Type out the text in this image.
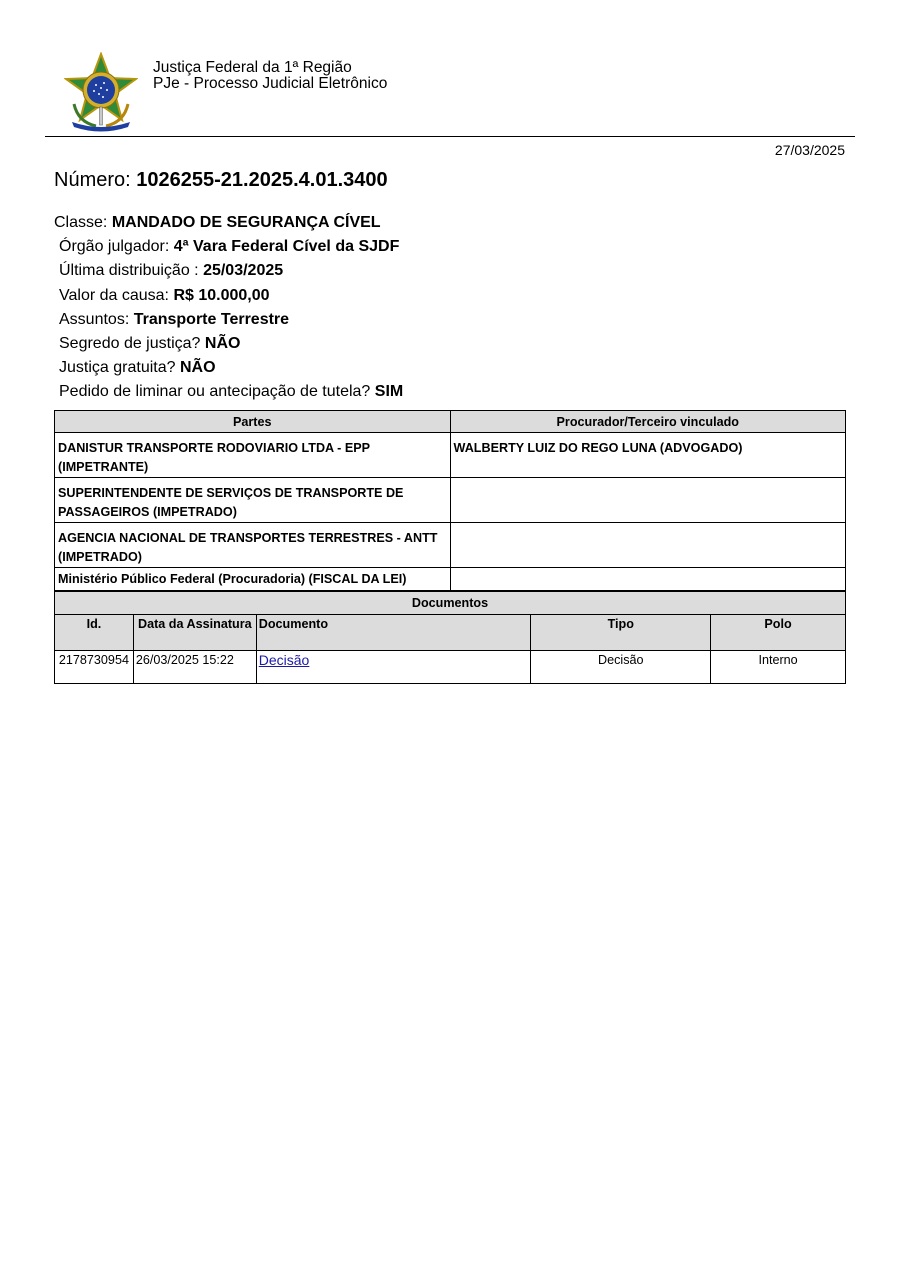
Justiça Federal da 1ª Região
PJe - Processo Judicial Eletrônico
27/03/2025
Número: 1026255-21.2025.4.01.3400
Classe: MANDADO DE SEGURANÇA CÍVEL
Órgão julgador: 4ª Vara Federal Cível da SJDF
Última distribuição : 25/03/2025
Valor da causa: R$ 10.000,00
Assuntos: Transporte Terrestre
Segredo de justiça? NÃO
Justiça gratuita? NÃO
Pedido de liminar ou antecipação de tutela? SIM
Partes	Procurador/Terceiro vinculado
DANISTUR TRANSPORTE RODOVIARIO LTDA - EPP (IMPETRANTE)	WALBERTY LUIZ DO REGO LUNA (ADVOGADO)
SUPERINTENDENTE DE SERVIÇOS DE TRANSPORTE DE PASSAGEIROS (IMPETRADO)	
AGENCIA NACIONAL DE TRANSPORTES TERRESTRES - ANTT (IMPETRADO)	
Ministério Público Federal (Procuradoria) (FISCAL DA LEI)	
Documentos				
Id.	Data da Assinatura	Documento	Tipo	Polo
2178730954	26/03/2025 15:22	Decisão	Decisão	Interno
